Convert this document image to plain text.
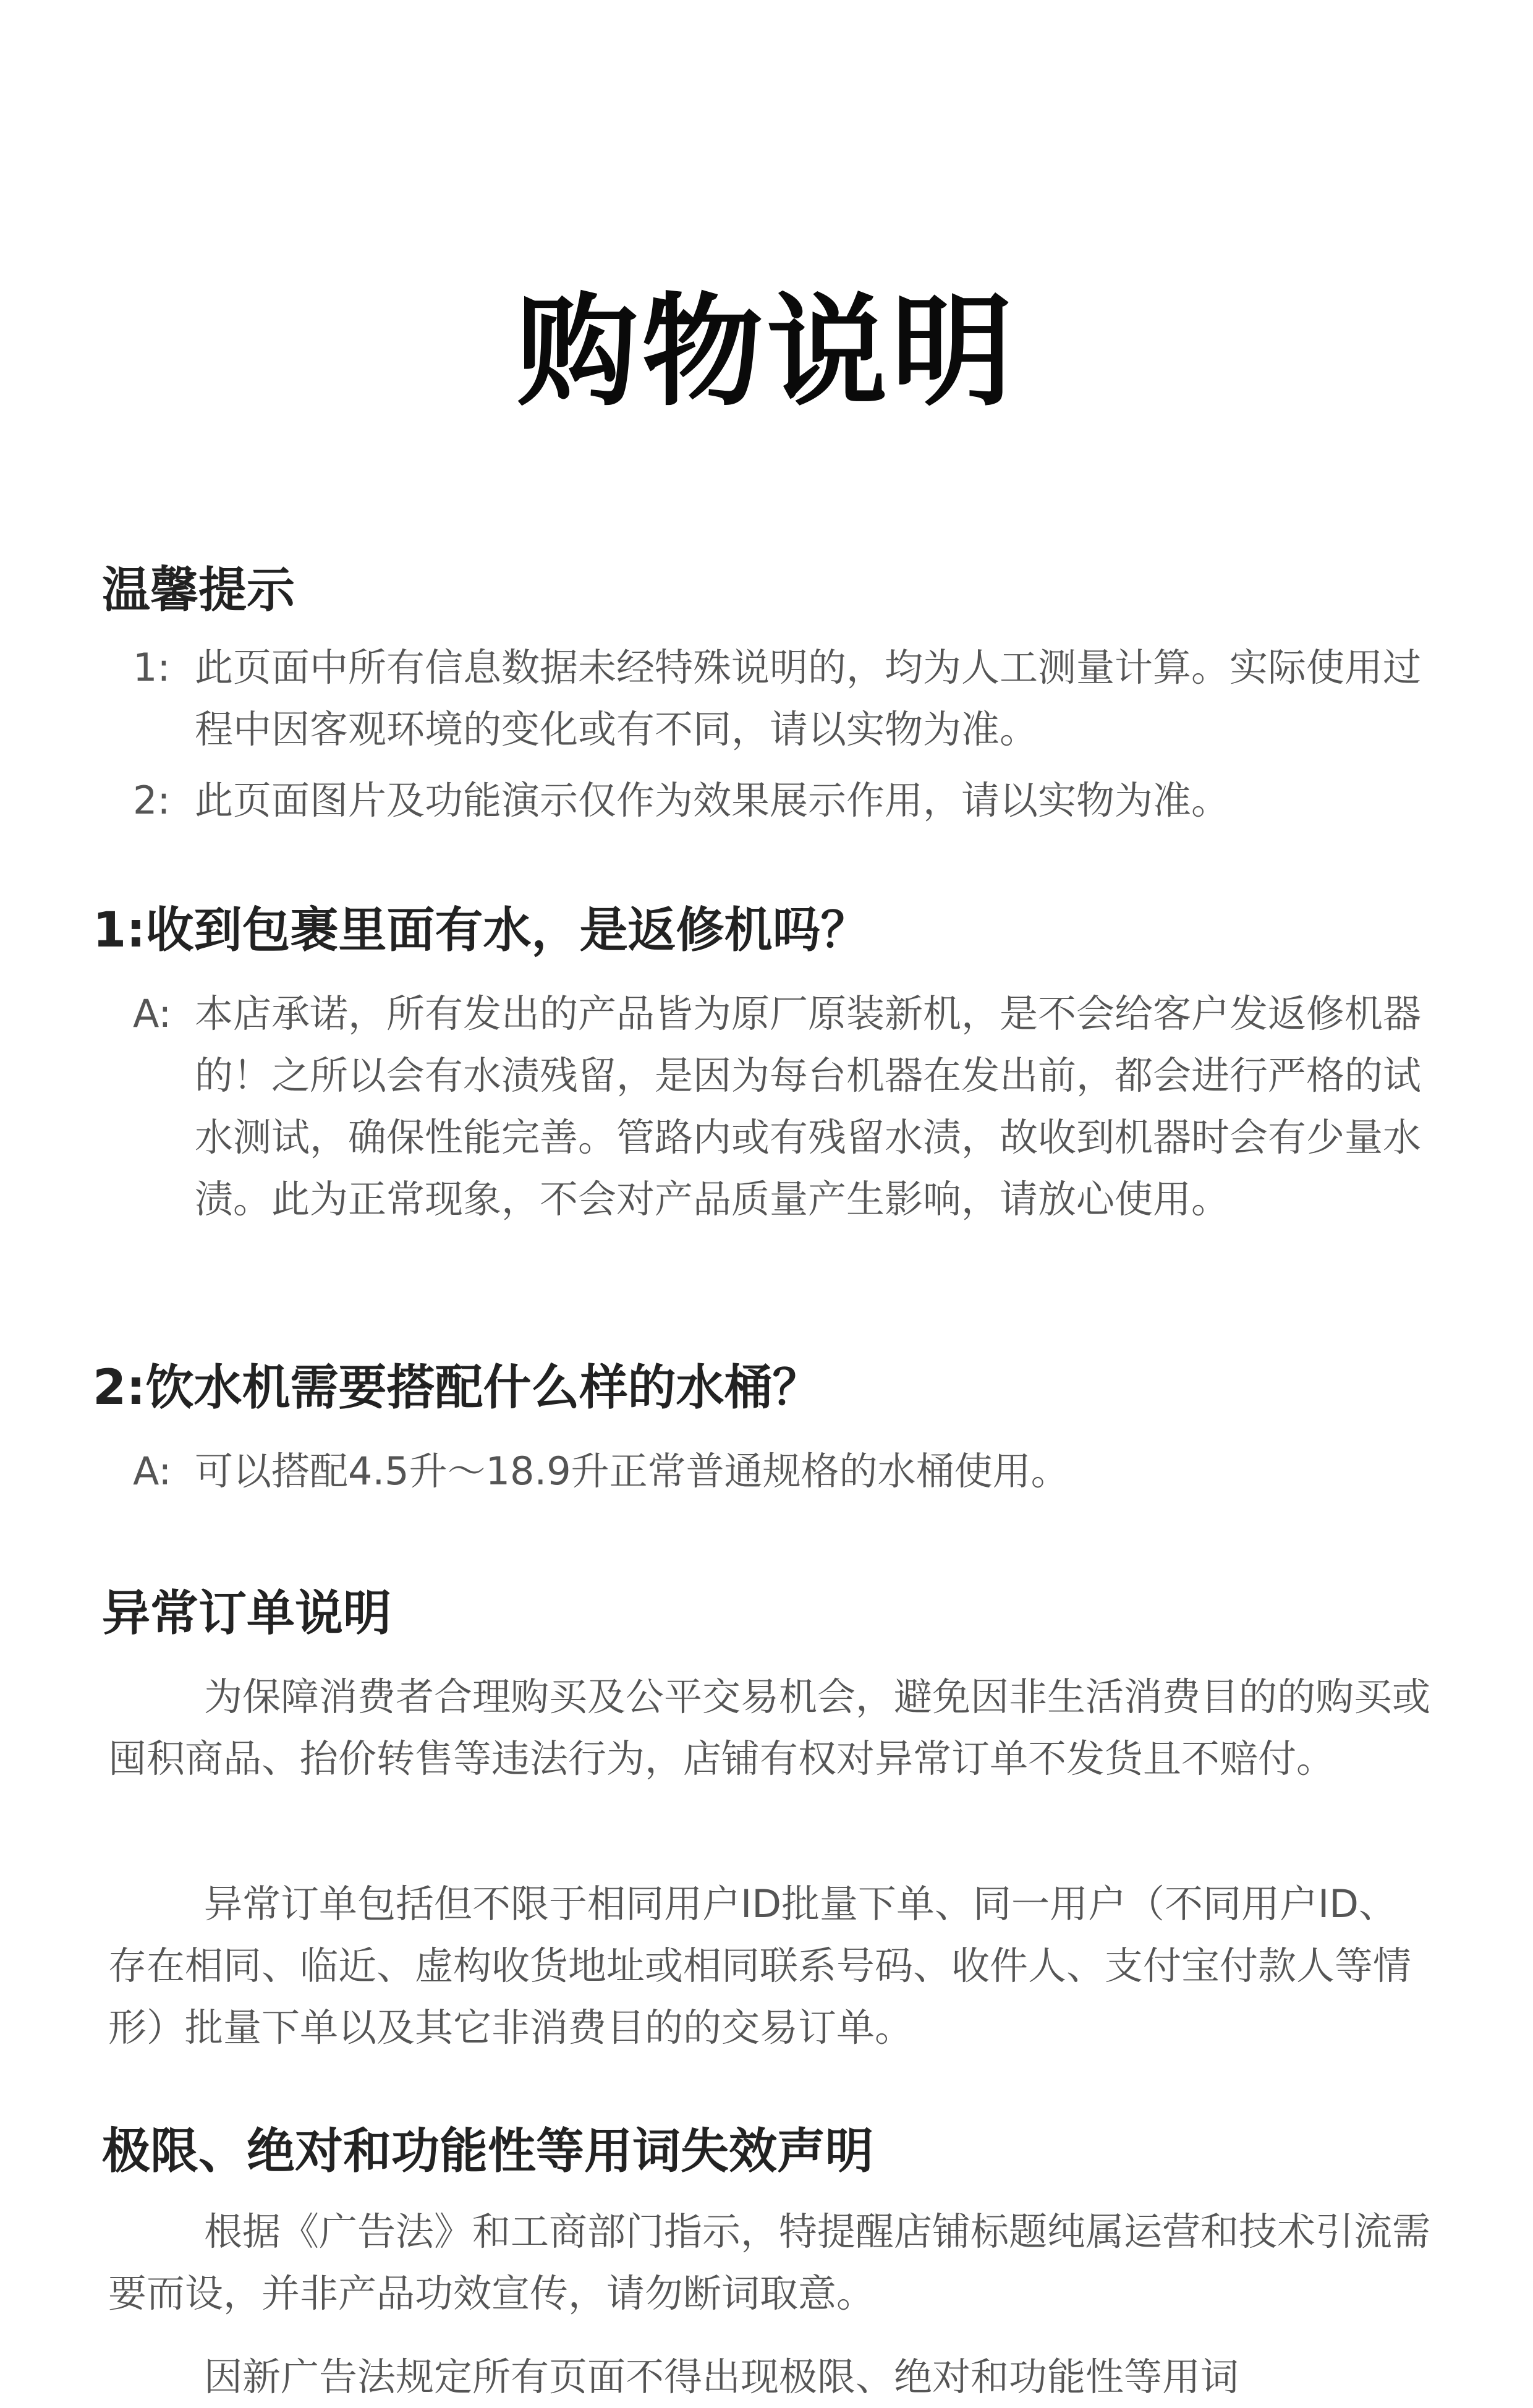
购物说明
温馨提示
1: 此页面中所有信息数据未经特殊说明的，均为人工测量计算。实际使用过程中因客观环境的变化或有不同，请以实物为准。
2: 此页面图片及功能演示仅作为效果展示作用，请以实物为准。
1:收到包裹里面有水，是返修机吗？
A: 本店承诺，所有发出的产品皆为原厂原装新机，是不会给客户发返修机器的！之所以会有水渍残留，是因为每台机器在发出前，都会进行严格的试水测试，确保性能完善。管路内或有残留水渍，故收到机器时会有少量水渍。此为正常现象，不会对产品质量产生影响，请放心使用。
2:饮水机需要搭配什么样的水桶？
A: 可以搭配4.5升～18.9升正常普通规格的水桶使用。
异常订单说明
为保障消费者合理购买及公平交易机会，避免因非生活消费目的的购买或囤积商品、抬价转售等违法行为，店铺有权对异常订单不发货且不赔付。
异常订单包括但不限于相同用户ID批量下单、同一用户（不同用户ID、存在相同、临近、虚构收货地址或相同联系号码、收件人、支付宝付款人等情形）批量下单以及其它非消费目的的交易订单。
极限、绝对和功能性等用词失效声明
根据《广告法》和工商部门指示，特提醒店铺标题纯属运营和技术引流需要而设，并非产品功效宣传，请勿断词取意。
因新广告法规定所有页面不得出现极限、绝对和功能性等用词
